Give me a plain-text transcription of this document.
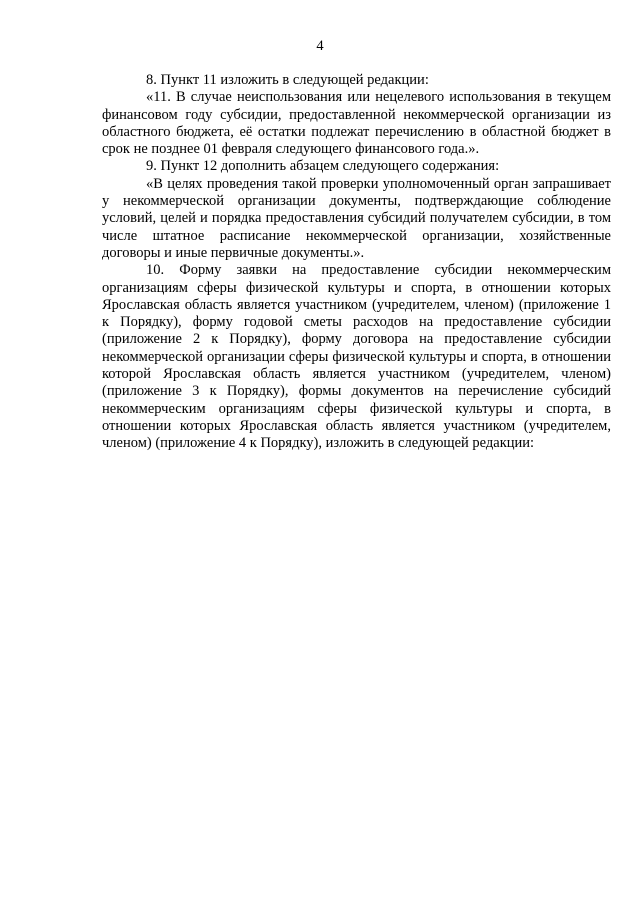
4

8. Пункт 11 изложить в следующей редакции:

«11. В случае неиспользования или нецелевого использования в текущем финансовом году субсидии, предоставленной некоммерческой организации из областного бюджета, её остатки подлежат перечислению в областной бюджет в срок не позднее 01 февраля следующего финансового года.».

9. Пункт 12 дополнить абзацем следующего содержания:

«В целях проведения такой проверки уполномоченный орган запрашивает у некоммерческой организации документы, подтверждающие соблюдение условий, целей и порядка предоставления субсидий получателем субсидии, в том числе штатное расписание некоммерческой организации, хозяйственные договоры и иные первичные документы.».

10. Форму заявки на предоставление субсидии некоммерческим организациям сферы физической культуры и спорта, в отношении которых Ярославская область является участником (учредителем, членом) (приложение 1 к Порядку), форму годовой сметы расходов на предоставление субсидии (приложение 2 к Порядку), форму договора на предоставление субсидии некоммерческой организации сферы физической культуры и спорта, в отношении которой Ярославская область является участником (учредителем, членом) (приложение 3 к Порядку), формы документов на перечисление субсидий некоммерческим организациям сферы физической культуры и спорта, в отношении которых Ярославская область является участником (учредителем, членом) (приложение 4 к Порядку), изложить в следующей редакции:
